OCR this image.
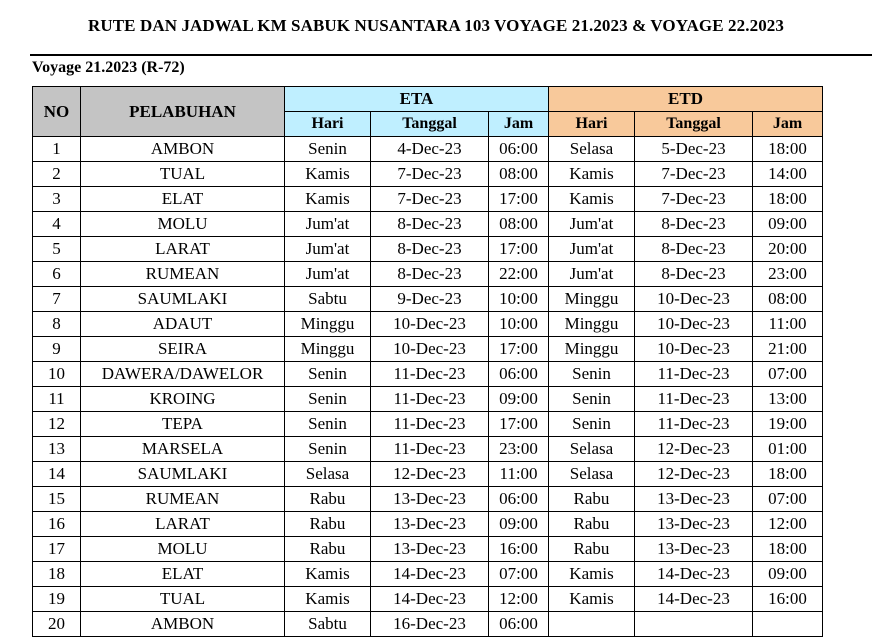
RUTE DAN JADWAL KM SABUK NUSANTARA 103 VOYAGE 21.2023 & VOYAGE 22.2023
Voyage 21.2023 (R-72)
NO	PELABUHAN	ETA			ETD		
		Hari	Tanggal	Jam	Hari	Tanggal	Jam
1	AMBON	Senin	4-Dec-23	06:00	Selasa	5-Dec-23	18:00
2	TUAL	Kamis	7-Dec-23	08:00	Kamis	7-Dec-23	14:00
3	ELAT	Kamis	7-Dec-23	17:00	Kamis	7-Dec-23	18:00
4	MOLU	Jum'at	8-Dec-23	08:00	Jum'at	8-Dec-23	09:00
5	LARAT	Jum'at	8-Dec-23	17:00	Jum'at	8-Dec-23	20:00
6	RUMEAN	Jum'at	8-Dec-23	22:00	Jum'at	8-Dec-23	23:00
7	SAUMLAKI	Sabtu	9-Dec-23	10:00	Minggu	10-Dec-23	08:00
8	ADAUT	Minggu	10-Dec-23	10:00	Minggu	10-Dec-23	11:00
9	SEIRA	Minggu	10-Dec-23	17:00	Minggu	10-Dec-23	21:00
10	DAWERA/DAWELOR	Senin	11-Dec-23	06:00	Senin	11-Dec-23	07:00
11	KROING	Senin	11-Dec-23	09:00	Senin	11-Dec-23	13:00
12	TEPA	Senin	11-Dec-23	17:00	Senin	11-Dec-23	19:00
13	MARSELA	Senin	11-Dec-23	23:00	Selasa	12-Dec-23	01:00
14	SAUMLAKI	Selasa	12-Dec-23	11:00	Selasa	12-Dec-23	18:00
15	RUMEAN	Rabu	13-Dec-23	06:00	Rabu	13-Dec-23	07:00
16	LARAT	Rabu	13-Dec-23	09:00	Rabu	13-Dec-23	12:00
17	MOLU	Rabu	13-Dec-23	16:00	Rabu	13-Dec-23	18:00
18	ELAT	Kamis	14-Dec-23	07:00	Kamis	14-Dec-23	09:00
19	TUAL	Kamis	14-Dec-23	12:00	Kamis	14-Dec-23	16:00
20	AMBON	Sabtu	16-Dec-23	06:00			
